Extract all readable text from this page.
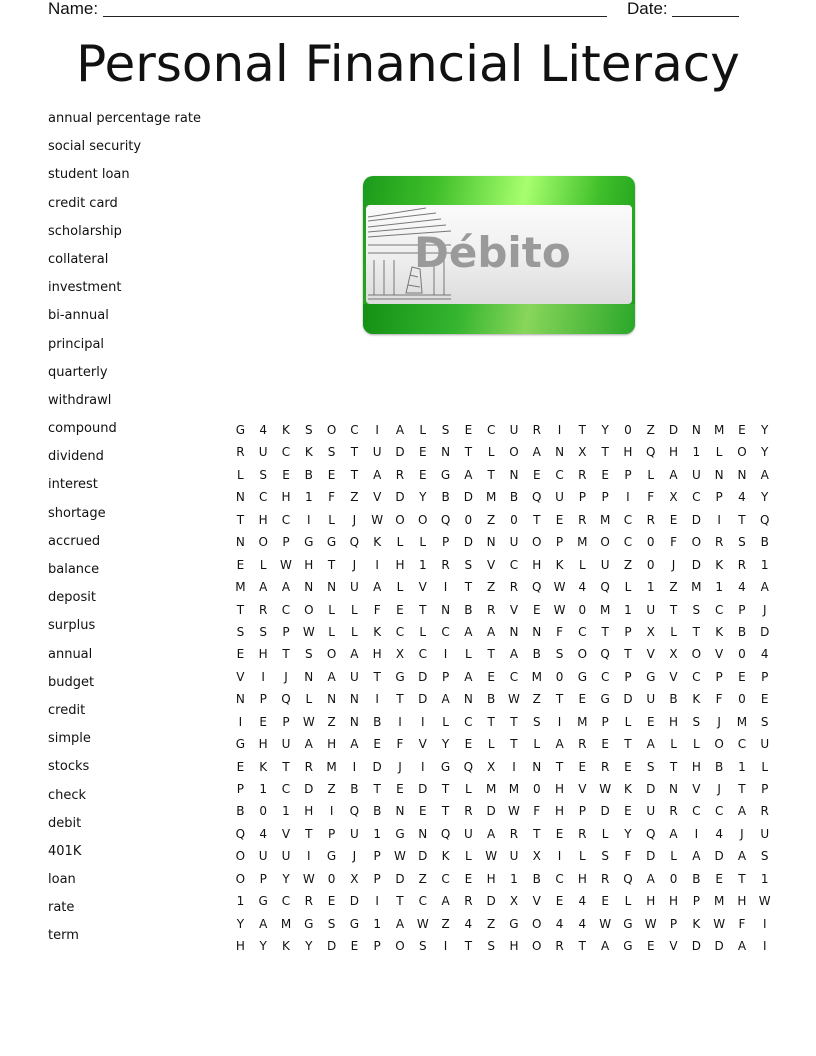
Name:	Date:
Personal Financial Literacy
annual percentage rate
social security
student loan
credit card
scholarship
collateral
investment
bi-annual
principal
quarterly
withdrawl
compound
dividend
interest
shortage
accrued
balance
deposit
surplus
annual
budget
credit
simple
stocks
check
debit
401K
loan
rate
term
Débito
G 4 K S O C I A L S E C U R I T Y 0 Z D N M E Y
R U C K S T U D E N T L O A N X T H Q H 1 L O Y
L S E B E T A R E G A T N E C R E P L A U N N A
N C H 1 F Z V D Y B D M B Q U P P I F X C P 4 Y
T H C I L J W O O Q 0 Z 0 T E R M C R E D I T Q
N O P G G Q K L L P D N U O P M O C 0 F O R S B
E L W H T J I H 1 R S V C H K L U Z 0 J D K R 1
M A A N N U A L V I T Z R Q W 4 Q L 1 Z M 1 4 A
T R C O L L F E T N B R V E W 0 M 1 U T S C P J
S S P W L L K C L C A A N N F C T P X L T K B D
E H T S O A H X C I L T A B S O Q T V X O V 0 4
V I J N A U T G D P A E C M 0 G C P G V C P E P
N P Q L N N I T D A N B W Z T E G D U B K F 0 E
I E P W Z N B I I L C T T S I M P L E H S J M S
G H U A H A E F V Y E L T L A R E T A L L O C U
E K T R M I D J I G Q X I N T E R E S T H B 1 L
P 1 C D Z B T E D T L M M 0 H V W K D N V J T P
B 0 1 H I Q B N E T R D W F H P D E U R C C A R
Q 4 V T P U 1 G N Q U A R T E R L Y Q A I 4 J U
O U U I G J P W D K L W U X I L S F D L A D A S
O P Y W 0 X P D Z C E H 1 B C H R Q A 0 B E T 1
1 G C R E D I T C A R D X V E 4 E L H H P M H W
Y A M G S G 1 A W Z 4 Z G O 4 4 W G W P K W F I
H Y K Y D E P O S I T S H O R T A G E V D D A I
